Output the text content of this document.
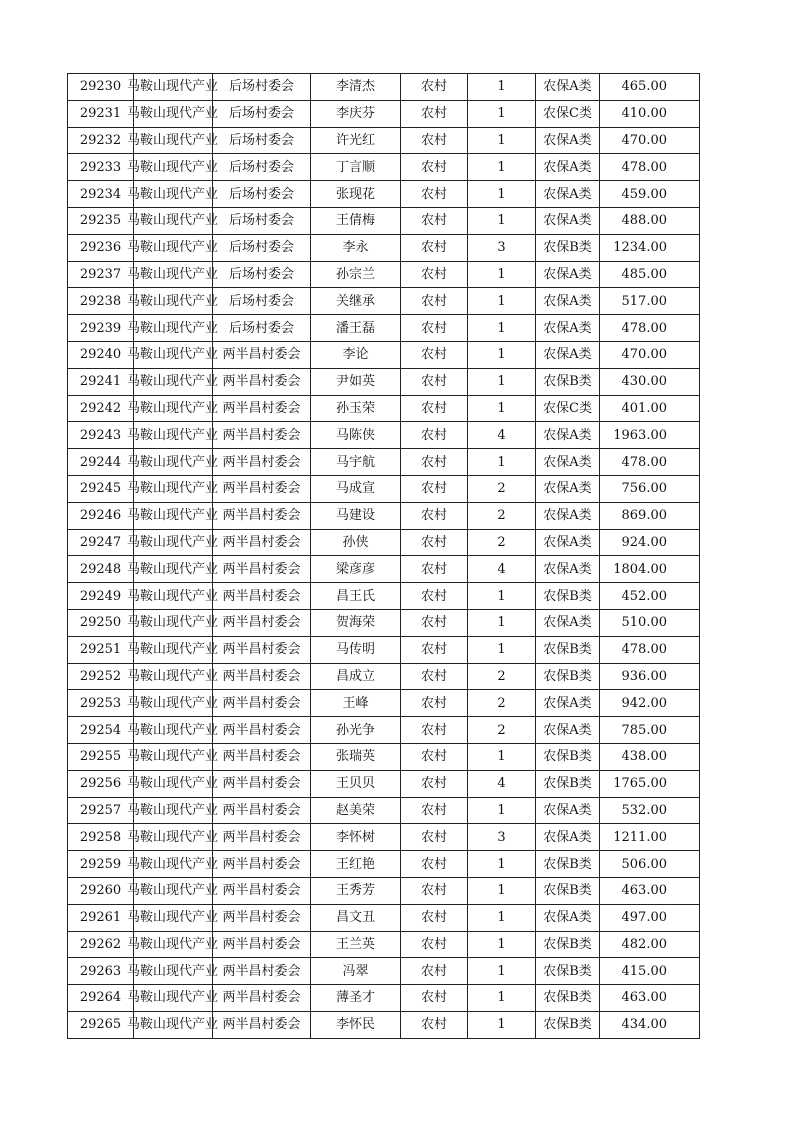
29230	马鞍山现代产业	后场村委会	李清杰	农村	1	农保A类	465.00
29231	马鞍山现代产业	后场村委会	李庆芬	农村	1	农保C类	410.00
29232	马鞍山现代产业	后场村委会	许光红	农村	1	农保A类	470.00
29233	马鞍山现代产业	后场村委会	丁言顺	农村	1	农保A类	478.00
29234	马鞍山现代产业	后场村委会	张现花	农村	1	农保A类	459.00
29235	马鞍山现代产业	后场村委会	王倩梅	农村	1	农保A类	488.00
29236	马鞍山现代产业	后场村委会	李永	农村	3	农保B类	1234.00
29237	马鞍山现代产业	后场村委会	孙宗兰	农村	1	农保A类	485.00
29238	马鞍山现代产业	后场村委会	关继承	农村	1	农保A类	517.00
29239	马鞍山现代产业	后场村委会	潘王磊	农村	1	农保A类	478.00
29240	马鞍山现代产业	两半昌村委会	李论	农村	1	农保A类	470.00
29241	马鞍山现代产业	两半昌村委会	尹如英	农村	1	农保B类	430.00
29242	马鞍山现代产业	两半昌村委会	孙玉荣	农村	1	农保C类	401.00
29243	马鞍山现代产业	两半昌村委会	马陈侠	农村	4	农保A类	1963.00
29244	马鞍山现代产业	两半昌村委会	马宇航	农村	1	农保A类	478.00
29245	马鞍山现代产业	两半昌村委会	马成宣	农村	2	农保A类	756.00
29246	马鞍山现代产业	两半昌村委会	马建设	农村	2	农保A类	869.00
29247	马鞍山现代产业	两半昌村委会	孙侠	农村	2	农保A类	924.00
29248	马鞍山现代产业	两半昌村委会	梁彦彦	农村	4	农保A类	1804.00
29249	马鞍山现代产业	两半昌村委会	昌王氏	农村	1	农保B类	452.00
29250	马鞍山现代产业	两半昌村委会	贺海荣	农村	1	农保A类	510.00
29251	马鞍山现代产业	两半昌村委会	马传明	农村	1	农保B类	478.00
29252	马鞍山现代产业	两半昌村委会	昌成立	农村	2	农保B类	936.00
29253	马鞍山现代产业	两半昌村委会	王峰	农村	2	农保A类	942.00
29254	马鞍山现代产业	两半昌村委会	孙光争	农村	2	农保A类	785.00
29255	马鞍山现代产业	两半昌村委会	张瑞英	农村	1	农保B类	438.00
29256	马鞍山现代产业	两半昌村委会	王贝贝	农村	4	农保B类	1765.00
29257	马鞍山现代产业	两半昌村委会	赵美荣	农村	1	农保A类	532.00
29258	马鞍山现代产业	两半昌村委会	李怀树	农村	3	农保A类	1211.00
29259	马鞍山现代产业	两半昌村委会	王红艳	农村	1	农保B类	506.00
29260	马鞍山现代产业	两半昌村委会	王秀芳	农村	1	农保B类	463.00
29261	马鞍山现代产业	两半昌村委会	昌文丑	农村	1	农保A类	497.00
29262	马鞍山现代产业	两半昌村委会	王兰英	农村	1	农保B类	482.00
29263	马鞍山现代产业	两半昌村委会	冯翠	农村	1	农保B类	415.00
29264	马鞍山现代产业	两半昌村委会	薄圣才	农村	1	农保B类	463.00
29265	马鞍山现代产业	两半昌村委会	李怀民	农村	1	农保B类	434.00
